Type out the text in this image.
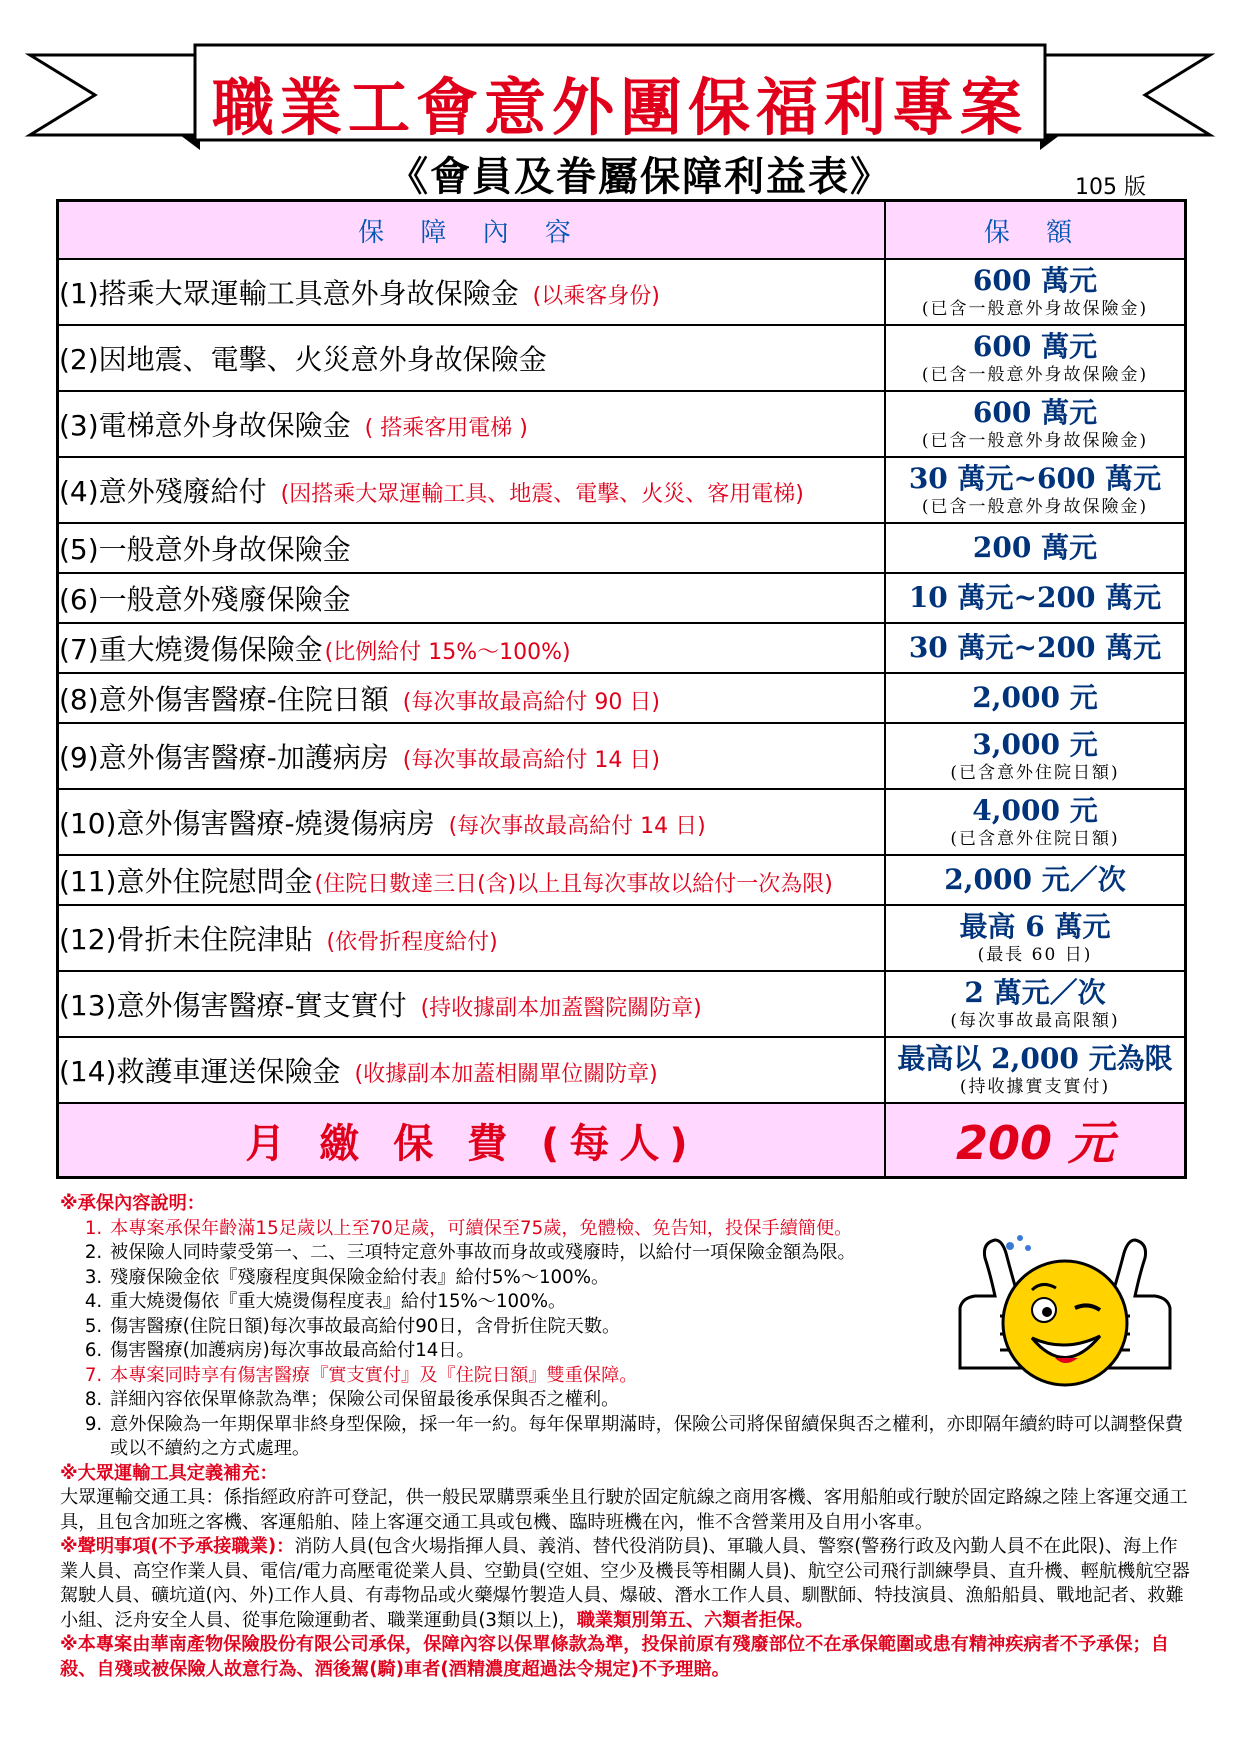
職業工會意外團保福利專案
《會員及眷屬保障利益表》	105 版
保 障 內 容	保 額
(1)搭乘大眾運輸工具意外身故保險金 (以乘客身份)	600 萬元
(已含一般意外身故保險金)

(2)因地震、電擊、火災意外身故保險金	600 萬元
(已含一般意外身故保險金)

(3)電梯意外身故保險金 ( 搭乘客用電梯 )	600 萬元
(已含一般意外身故保險金)

(4)意外殘廢給付 (因搭乘大眾運輸工具、地震、電擊、火災、客用電梯)	30 萬元~600 萬元
(已含一般意外身故保險金)

(5)一般意外身故保險金	200 萬元

(6)一般意外殘廢保險金	10 萬元~200 萬元

(7)重大燒燙傷保險金(比例給付 15%～100%)	30 萬元~200 萬元

(8)意外傷害醫療-住院日額 (每次事故最高給付 90 日)	2,000 元

(9)意外傷害醫療-加護病房 (每次事故最高給付 14 日)	3,000 元
(已含意外住院日額)

(10)意外傷害醫療-燒燙傷病房 (每次事故最高給付 14 日)	4,000 元
(已含意外住院日額)

(11)意外住院慰問金(住院日數達三日(含)以上且每次事故以給付一次為限)	2,000 元／次

(12)骨折未住院津貼 (依骨折程度給付)	最高 6 萬元
(最長 60 日)

(13)意外傷害醫療-實支實付 (持收據副本加蓋醫院關防章)	2 萬元／次
(每次事故最高限額)

(14)救護車運送保險金 (收據副本加蓋相關單位關防章)	最高以 2,000 元為限
(持收據實支實付)

月 繳 保 費 (每人)	200 元
※承保內容說明：
1. 本專案承保年齡滿15足歲以上至70足歲，可續保至75歲，免體檢、免告知，投保手續簡便。
2. 被保險人同時蒙受第一、二、三項特定意外事故而身故或殘廢時，以給付一項保險金額為限。
3. 殘廢保險金依『殘廢程度與保險金給付表』給付5%～100%。
4. 重大燒燙傷依『重大燒燙傷程度表』給付15%～100%。
5. 傷害醫療(住院日額)每次事故最高給付90日，含骨折住院天數。
6. 傷害醫療(加護病房)每次事故最高給付14日。
7. 本專案同時享有傷害醫療『實支實付』及『住院日額』雙重保障。
8. 詳細內容依保單條款為準；保險公司保留最後承保與否之權利。
9. 意外保險為一年期保單非終身型保險，採一年一約。每年保單期滿時，保險公司將保留續保與否之權利，亦即隔年續約時可以調整保費或以不續約之方式處理。
※大眾運輸工具定義補充：

大眾運輸交通工具：係指經政府許可登記，供一般民眾購票乘坐且行駛於固定航線之商用客機、客用船舶或行駛於固定路線之陸上客運交通工具，且包含加班之客機、客運船舶、陸上客運交通工具或包機、臨時班機在內，惟不含營業用及自用小客車。

※聲明事項(不予承接職業)：消防人員(包含火場指揮人員、義消、替代役消防員)、軍職人員、警察(警務行政及內勤人員不在此限)、海上作業人員、高空作業人員、電信/電力高壓電從業人員、空勤員(空姐、空少及機長等相關人員)、航空公司飛行訓練學員、直升機、輕航機航空器駕駛人員、礦坑道(內、外)工作人員、有毒物品或火藥爆竹製造人員、爆破、潛水工作人員、馴獸師、特技演員、漁船船員、戰地記者、救難小組、泛舟安全人員、從事危險運動者、職業運動員(3類以上)，職業類別第五、六類者拒保。

※本專案由華南產物保險股份有限公司承保，保障內容以保單條款為準，投保前原有殘廢部位不在承保範圍或患有精神疾病者不予承保；自殺、自殘或被保險人故意行為、酒後駕(騎)車者(酒精濃度超過法令規定)不予理賠。
